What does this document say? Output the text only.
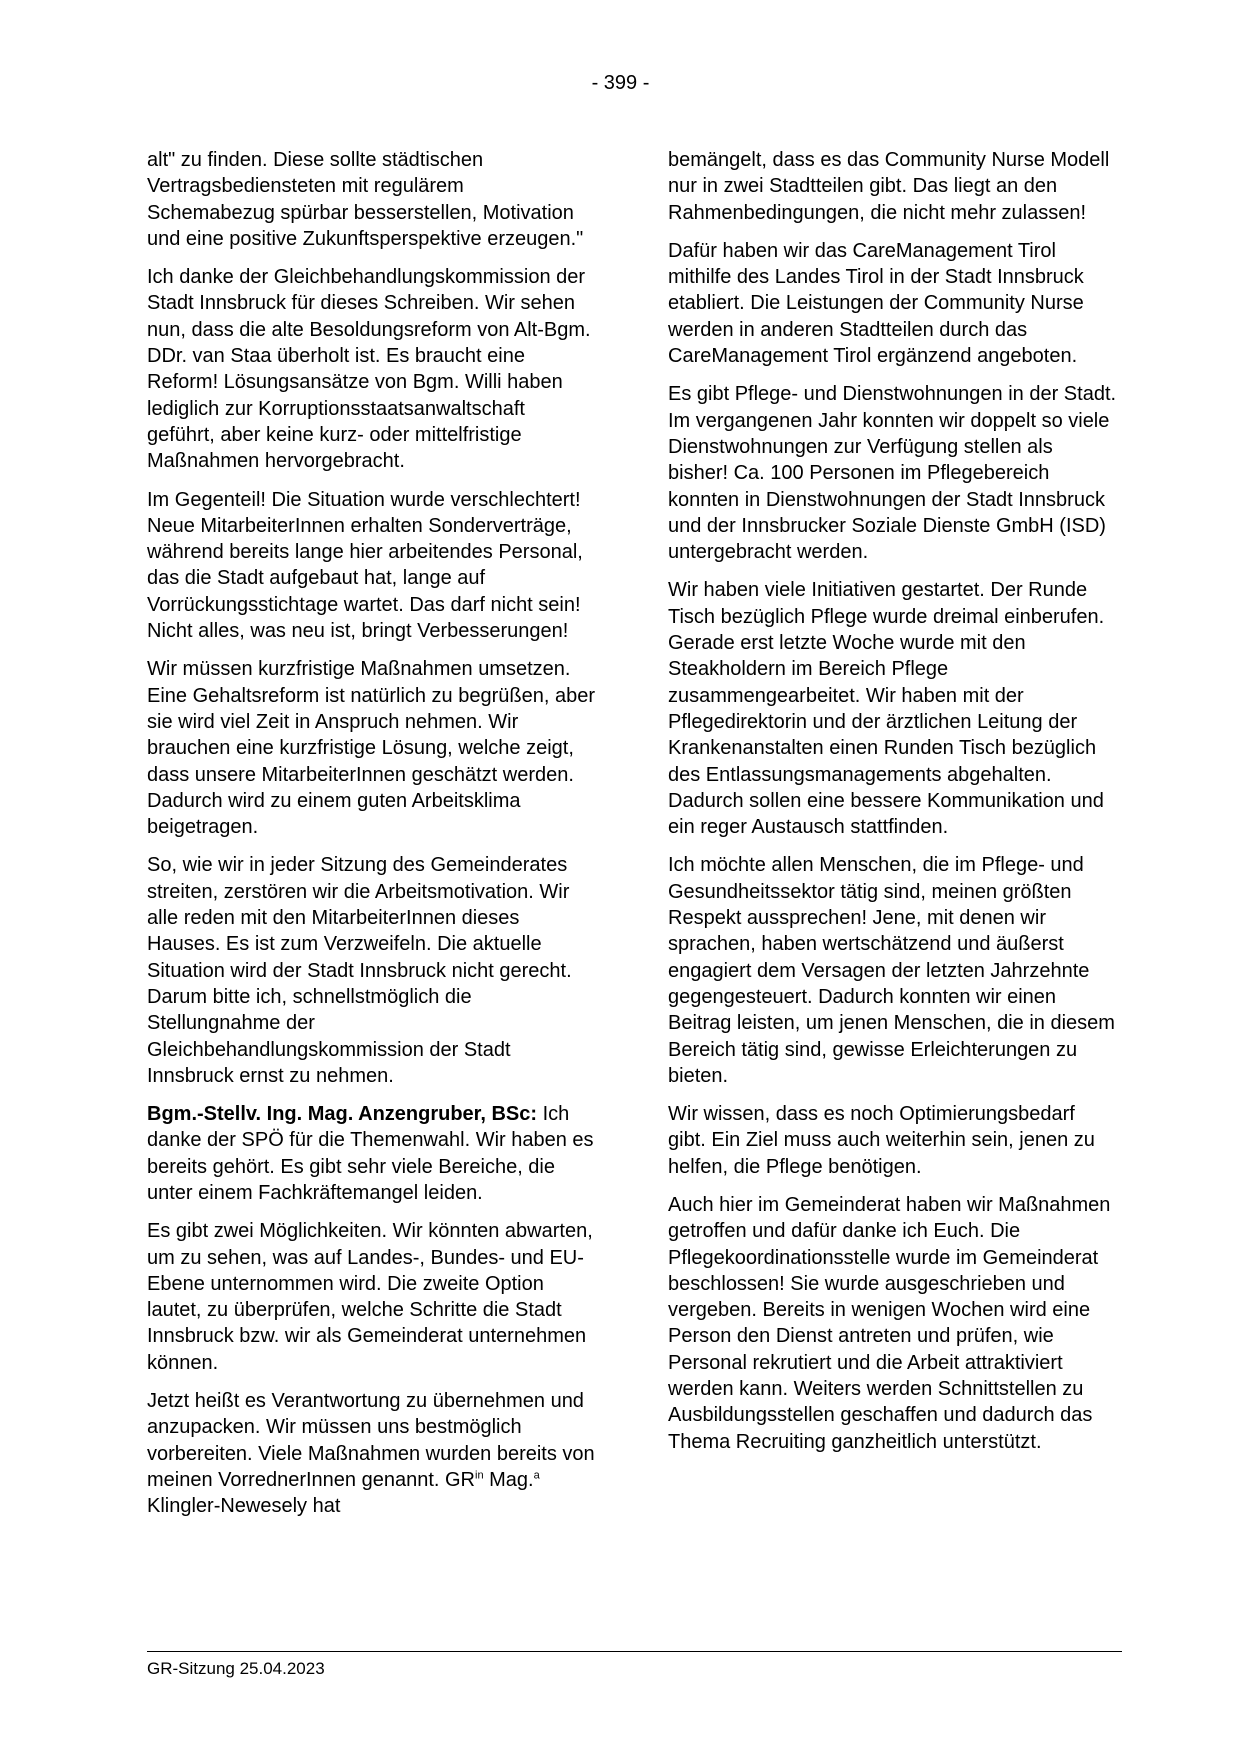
- 399 -

alt" zu finden. Diese sollte städtischen Vertragsbediensteten mit regulärem Schemabezug spürbar besserstellen, Motivation und eine positive Zukunftsperspektive erzeugen."

Ich danke der Gleichbehandlungskommission der Stadt Innsbruck für dieses Schreiben. Wir sehen nun, dass die alte Besoldungsreform von Alt-Bgm. DDr. van Staa überholt ist. Es braucht eine Reform! Lösungsansätze von Bgm. Willi haben lediglich zur Korruptionsstaatsanwaltschaft geführt, aber keine kurz- oder mittelfristige Maßnahmen hervorgebracht.

Im Gegenteil! Die Situation wurde verschlechtert! Neue MitarbeiterInnen erhalten Sonderverträge, während bereits lange hier arbeitendes Personal, das die Stadt aufgebaut hat, lange auf Vorrückungsstichtage wartet. Das darf nicht sein! Nicht alles, was neu ist, bringt Verbesserungen!

Wir müssen kurzfristige Maßnahmen umsetzen. Eine Gehaltsreform ist natürlich zu begrüßen, aber sie wird viel Zeit in Anspruch nehmen. Wir brauchen eine kurzfristige Lösung, welche zeigt, dass unsere MitarbeiterInnen geschätzt werden. Dadurch wird zu einem guten Arbeitsklima beigetragen.

So, wie wir in jeder Sitzung des Gemeinderates streiten, zerstören wir die Arbeitsmotivation. Wir alle reden mit den MitarbeiterInnen dieses Hauses. Es ist zum Verzweifeln. Die aktuelle Situation wird der Stadt Innsbruck nicht gerecht. Darum bitte ich, schnellstmöglich die Stellungnahme der Gleichbehandlungskommission der Stadt Innsbruck ernst zu nehmen.

Bgm.-Stellv. Ing. Mag. Anzengruber, BSc: Ich danke der SPÖ für die Themenwahl. Wir haben es bereits gehört. Es gibt sehr viele Bereiche, die unter einem Fachkräftemangel leiden.

Es gibt zwei Möglichkeiten. Wir könnten abwarten, um zu sehen, was auf Landes-, Bundes- und EU-Ebene unternommen wird. Die zweite Option lautet, zu überprüfen, welche Schritte die Stadt Innsbruck bzw. wir als Gemeinderat unternehmen können.

Jetzt heißt es Verantwortung zu übernehmen und anzupacken. Wir müssen uns bestmöglich vorbereiten. Viele Maßnahmen wurden bereits von meinen VorrednerInnen genannt. $GR^{in}$ Mag.$^a$ Klingler-Newesely hat

bemängelt, dass es das Community Nurse Modell nur in zwei Stadtteilen gibt. Das liegt an den Rahmenbedingungen, die nicht mehr zulassen!

Dafür haben wir das CareManagement Tirol mithilfe des Landes Tirol in der Stadt Innsbruck etabliert. Die Leistungen der Community Nurse werden in anderen Stadtteilen durch das CareManagement Tirol ergänzend angeboten.

Es gibt Pflege- und Dienstwohnungen in der Stadt. Im vergangenen Jahr konnten wir doppelt so viele Dienstwohnungen zur Verfügung stellen als bisher! Ca. 100 Personen im Pflegebereich konnten in Dienstwohnungen der Stadt Innsbruck und der Innsbrucker Soziale Dienste GmbH (ISD) untergebracht werden.

Wir haben viele Initiativen gestartet. Der Runde Tisch bezüglich Pflege wurde dreimal einberufen. Gerade erst letzte Woche wurde mit den Steakholdern im Bereich Pflege zusammengearbeitet. Wir haben mit der Pflegedirektorin und der ärztlichen Leitung der Krankenanstalten einen Runden Tisch bezüglich des Entlassungsmanagements abgehalten. Dadurch sollen eine bessere Kommunikation und ein reger Austausch stattfinden.

Ich möchte allen Menschen, die im Pflege- und Gesundheitssektor tätig sind, meinen größten Respekt aussprechen! Jene, mit denen wir sprachen, haben wertschätzend und äußerst engagiert dem Versagen der letzten Jahrzehnte gegengesteuert. Dadurch konnten wir einen Beitrag leisten, um jenen Menschen, die in diesem Bereich tätig sind, gewisse Erleichterungen zu bieten.

Wir wissen, dass es noch Optimierungsbedarf gibt. Ein Ziel muss auch weiterhin sein, jenen zu helfen, die Pflege benötigen.

Auch hier im Gemeinderat haben wir Maßnahmen getroffen und dafür danke ich Euch. Die Pflegekoordinationsstelle wurde im Gemeinderat beschlossen! Sie wurde ausgeschrieben und vergeben. Bereits in wenigen Wochen wird eine Person den Dienst antreten und prüfen, wie Personal rekrutiert und die Arbeit attraktiviert werden kann. Weiters werden Schnittstellen zu Ausbildungsstellen geschaffen und dadurch das Thema Recruiting ganzheitlich unterstützt.

GR-Sitzung 25.04.2023
